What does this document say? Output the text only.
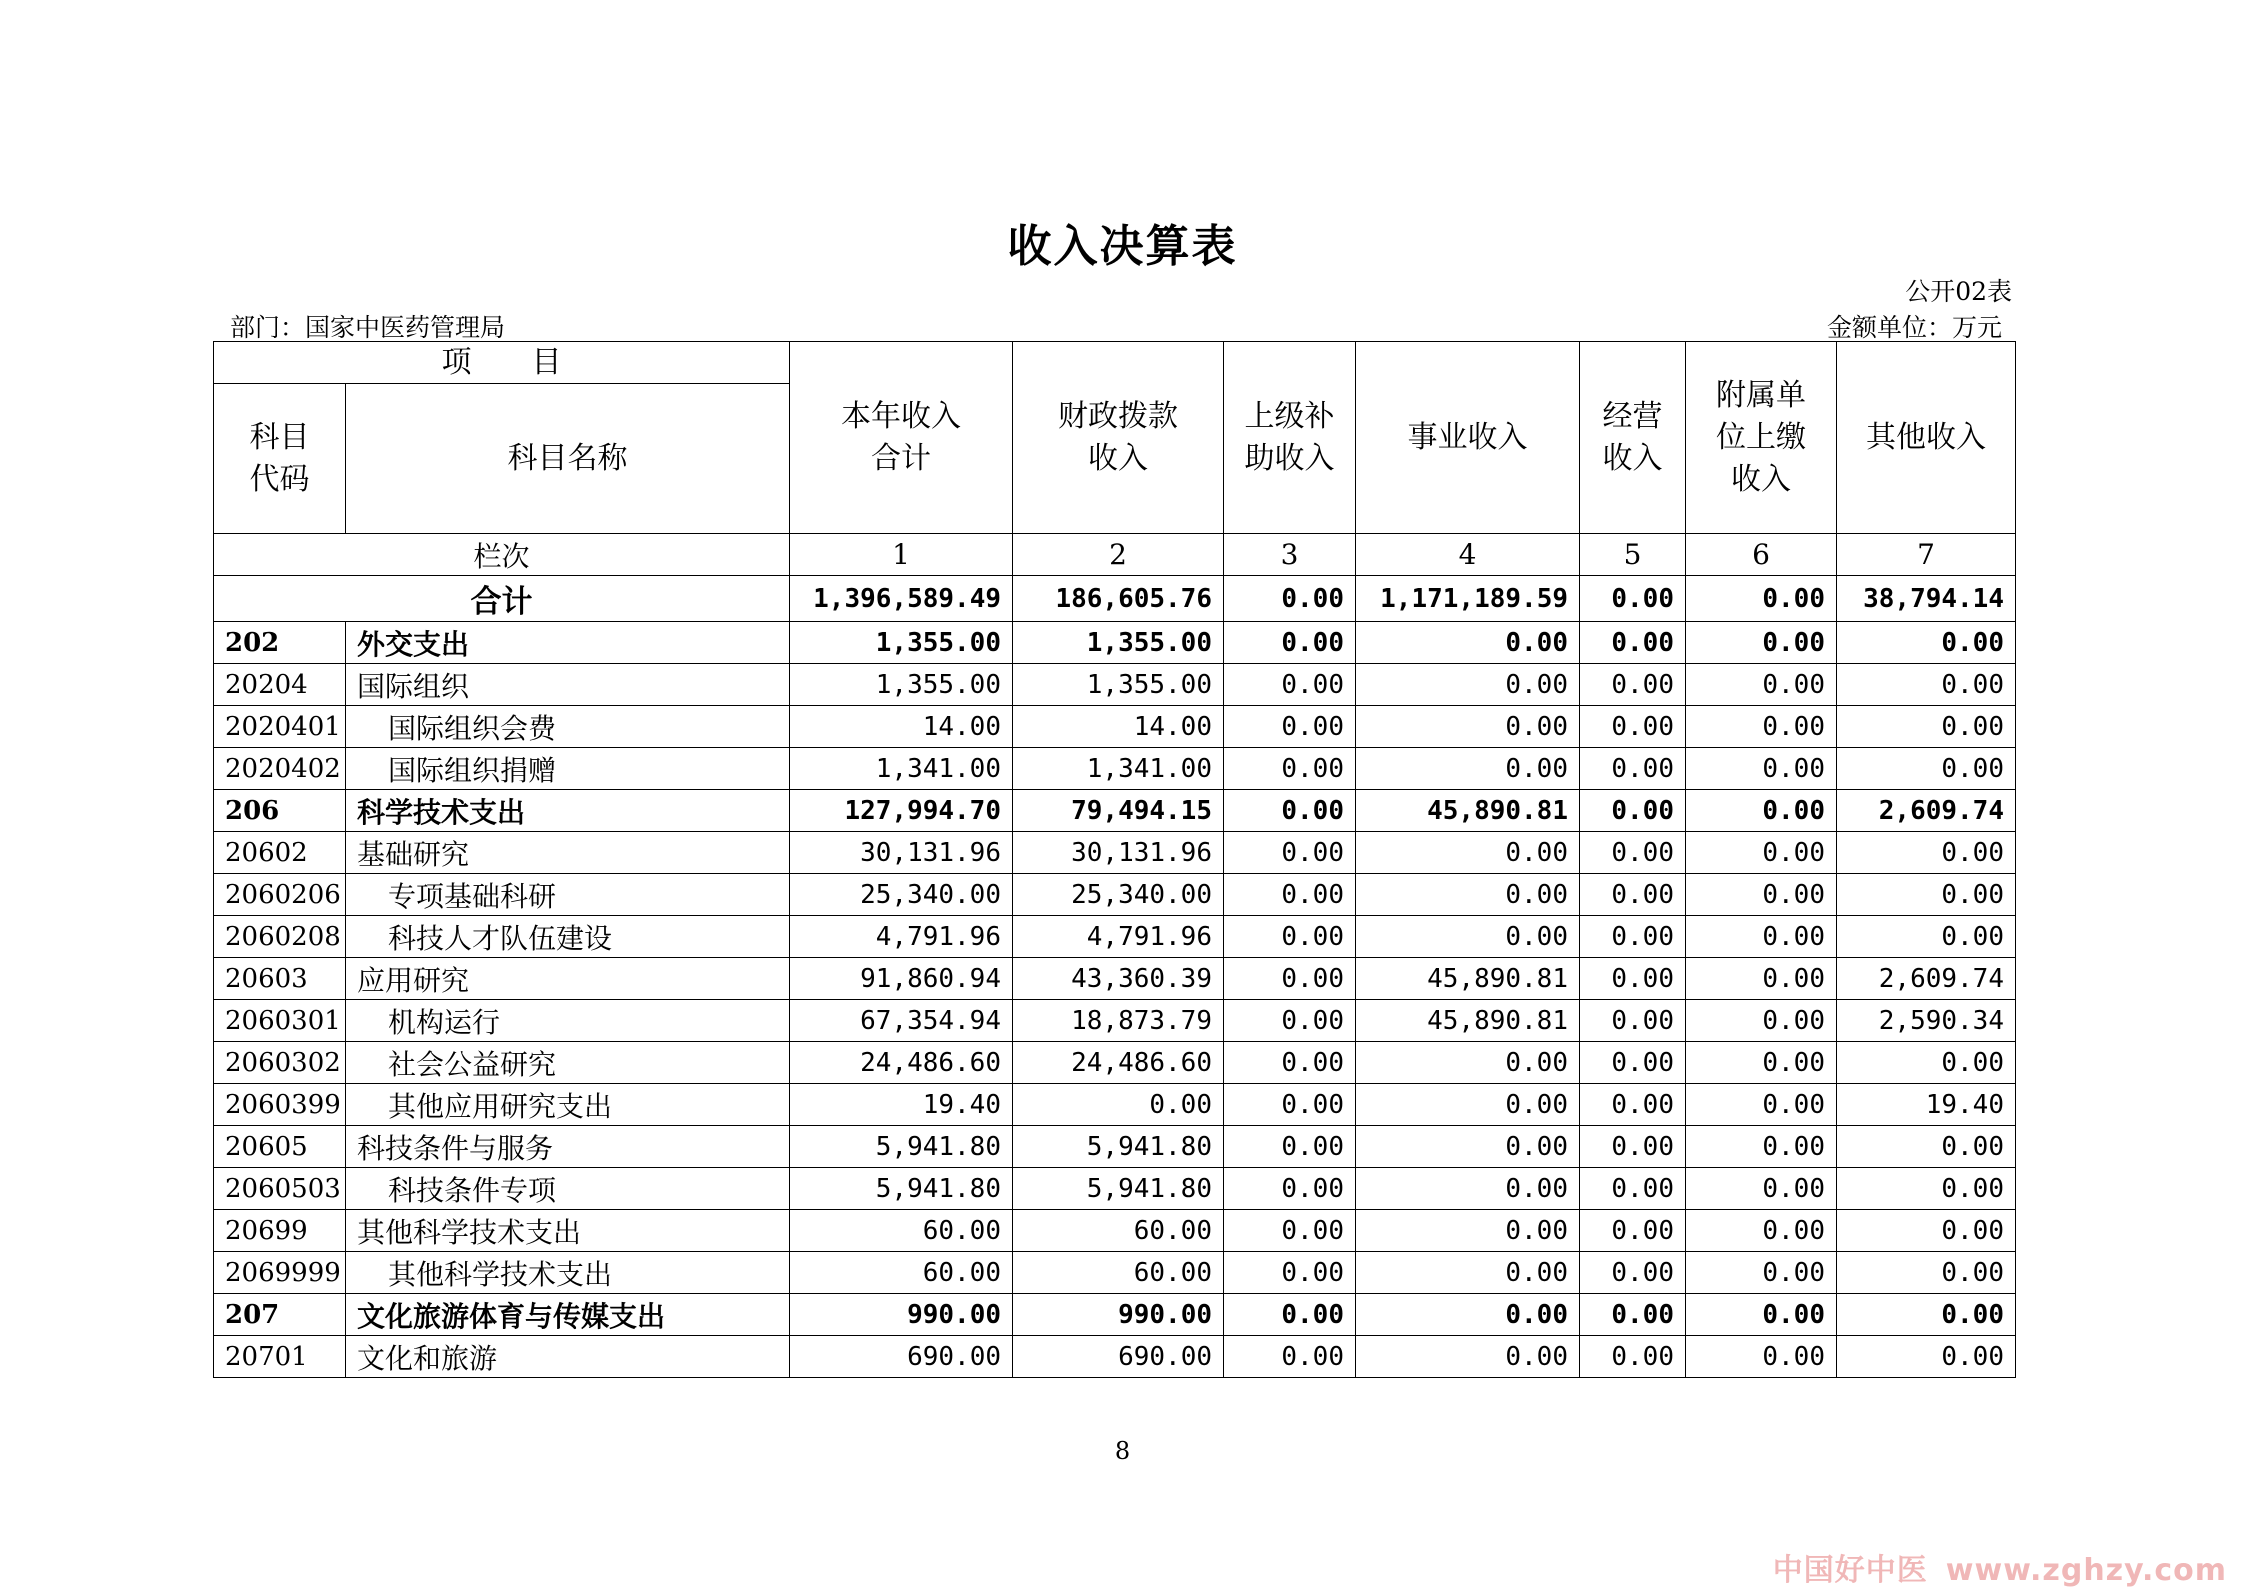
收入决算表
公开02表
部门：国家中医药管理局	金额单位：万元
项　　目		本年收入合计	财政拨款收入	上级补助收入	事业收入	经营收入	附属单位上缴收入	其他收入
科目代码	科目名称							
栏次		1	2	3	4	5	6	7
合计		1,396,589.49	186,605.76	0.00	1,171,189.59	0.00	0.00	38,794.14
202	外交支出	1,355.00	1,355.00	0.00	0.00	0.00	0.00	0.00
20204	国际组织	1,355.00	1,355.00	0.00	0.00	0.00	0.00	0.00
2020401	国际组织会费	14.00	14.00	0.00	0.00	0.00	0.00	0.00
2020402	国际组织捐赠	1,341.00	1,341.00	0.00	0.00	0.00	0.00	0.00
206	科学技术支出	127,994.70	79,494.15	0.00	45,890.81	0.00	0.00	2,609.74
20602	基础研究	30,131.96	30,131.96	0.00	0.00	0.00	0.00	0.00
2060206	专项基础科研	25,340.00	25,340.00	0.00	0.00	0.00	0.00	0.00
2060208	科技人才队伍建设	4,791.96	4,791.96	0.00	0.00	0.00	0.00	0.00
20603	应用研究	91,860.94	43,360.39	0.00	45,890.81	0.00	0.00	2,609.74
2060301	机构运行	67,354.94	18,873.79	0.00	45,890.81	0.00	0.00	2,590.34
2060302	社会公益研究	24,486.60	24,486.60	0.00	0.00	0.00	0.00	0.00
2060399	其他应用研究支出	19.40	0.00	0.00	0.00	0.00	0.00	19.40
20605	科技条件与服务	5,941.80	5,941.80	0.00	0.00	0.00	0.00	0.00
2060503	科技条件专项	5,941.80	5,941.80	0.00	0.00	0.00	0.00	0.00
20699	其他科学技术支出	60.00	60.00	0.00	0.00	0.00	0.00	0.00
2069999	其他科学技术支出	60.00	60.00	0.00	0.00	0.00	0.00	0.00
207	文化旅游体育与传媒支出	990.00	990.00	0.00	0.00	0.00	0.00	0.00
20701	文化和旅游	690.00	690.00	0.00	0.00	0.00	0.00	0.00
8
中国好中医 www.zghzy.com
